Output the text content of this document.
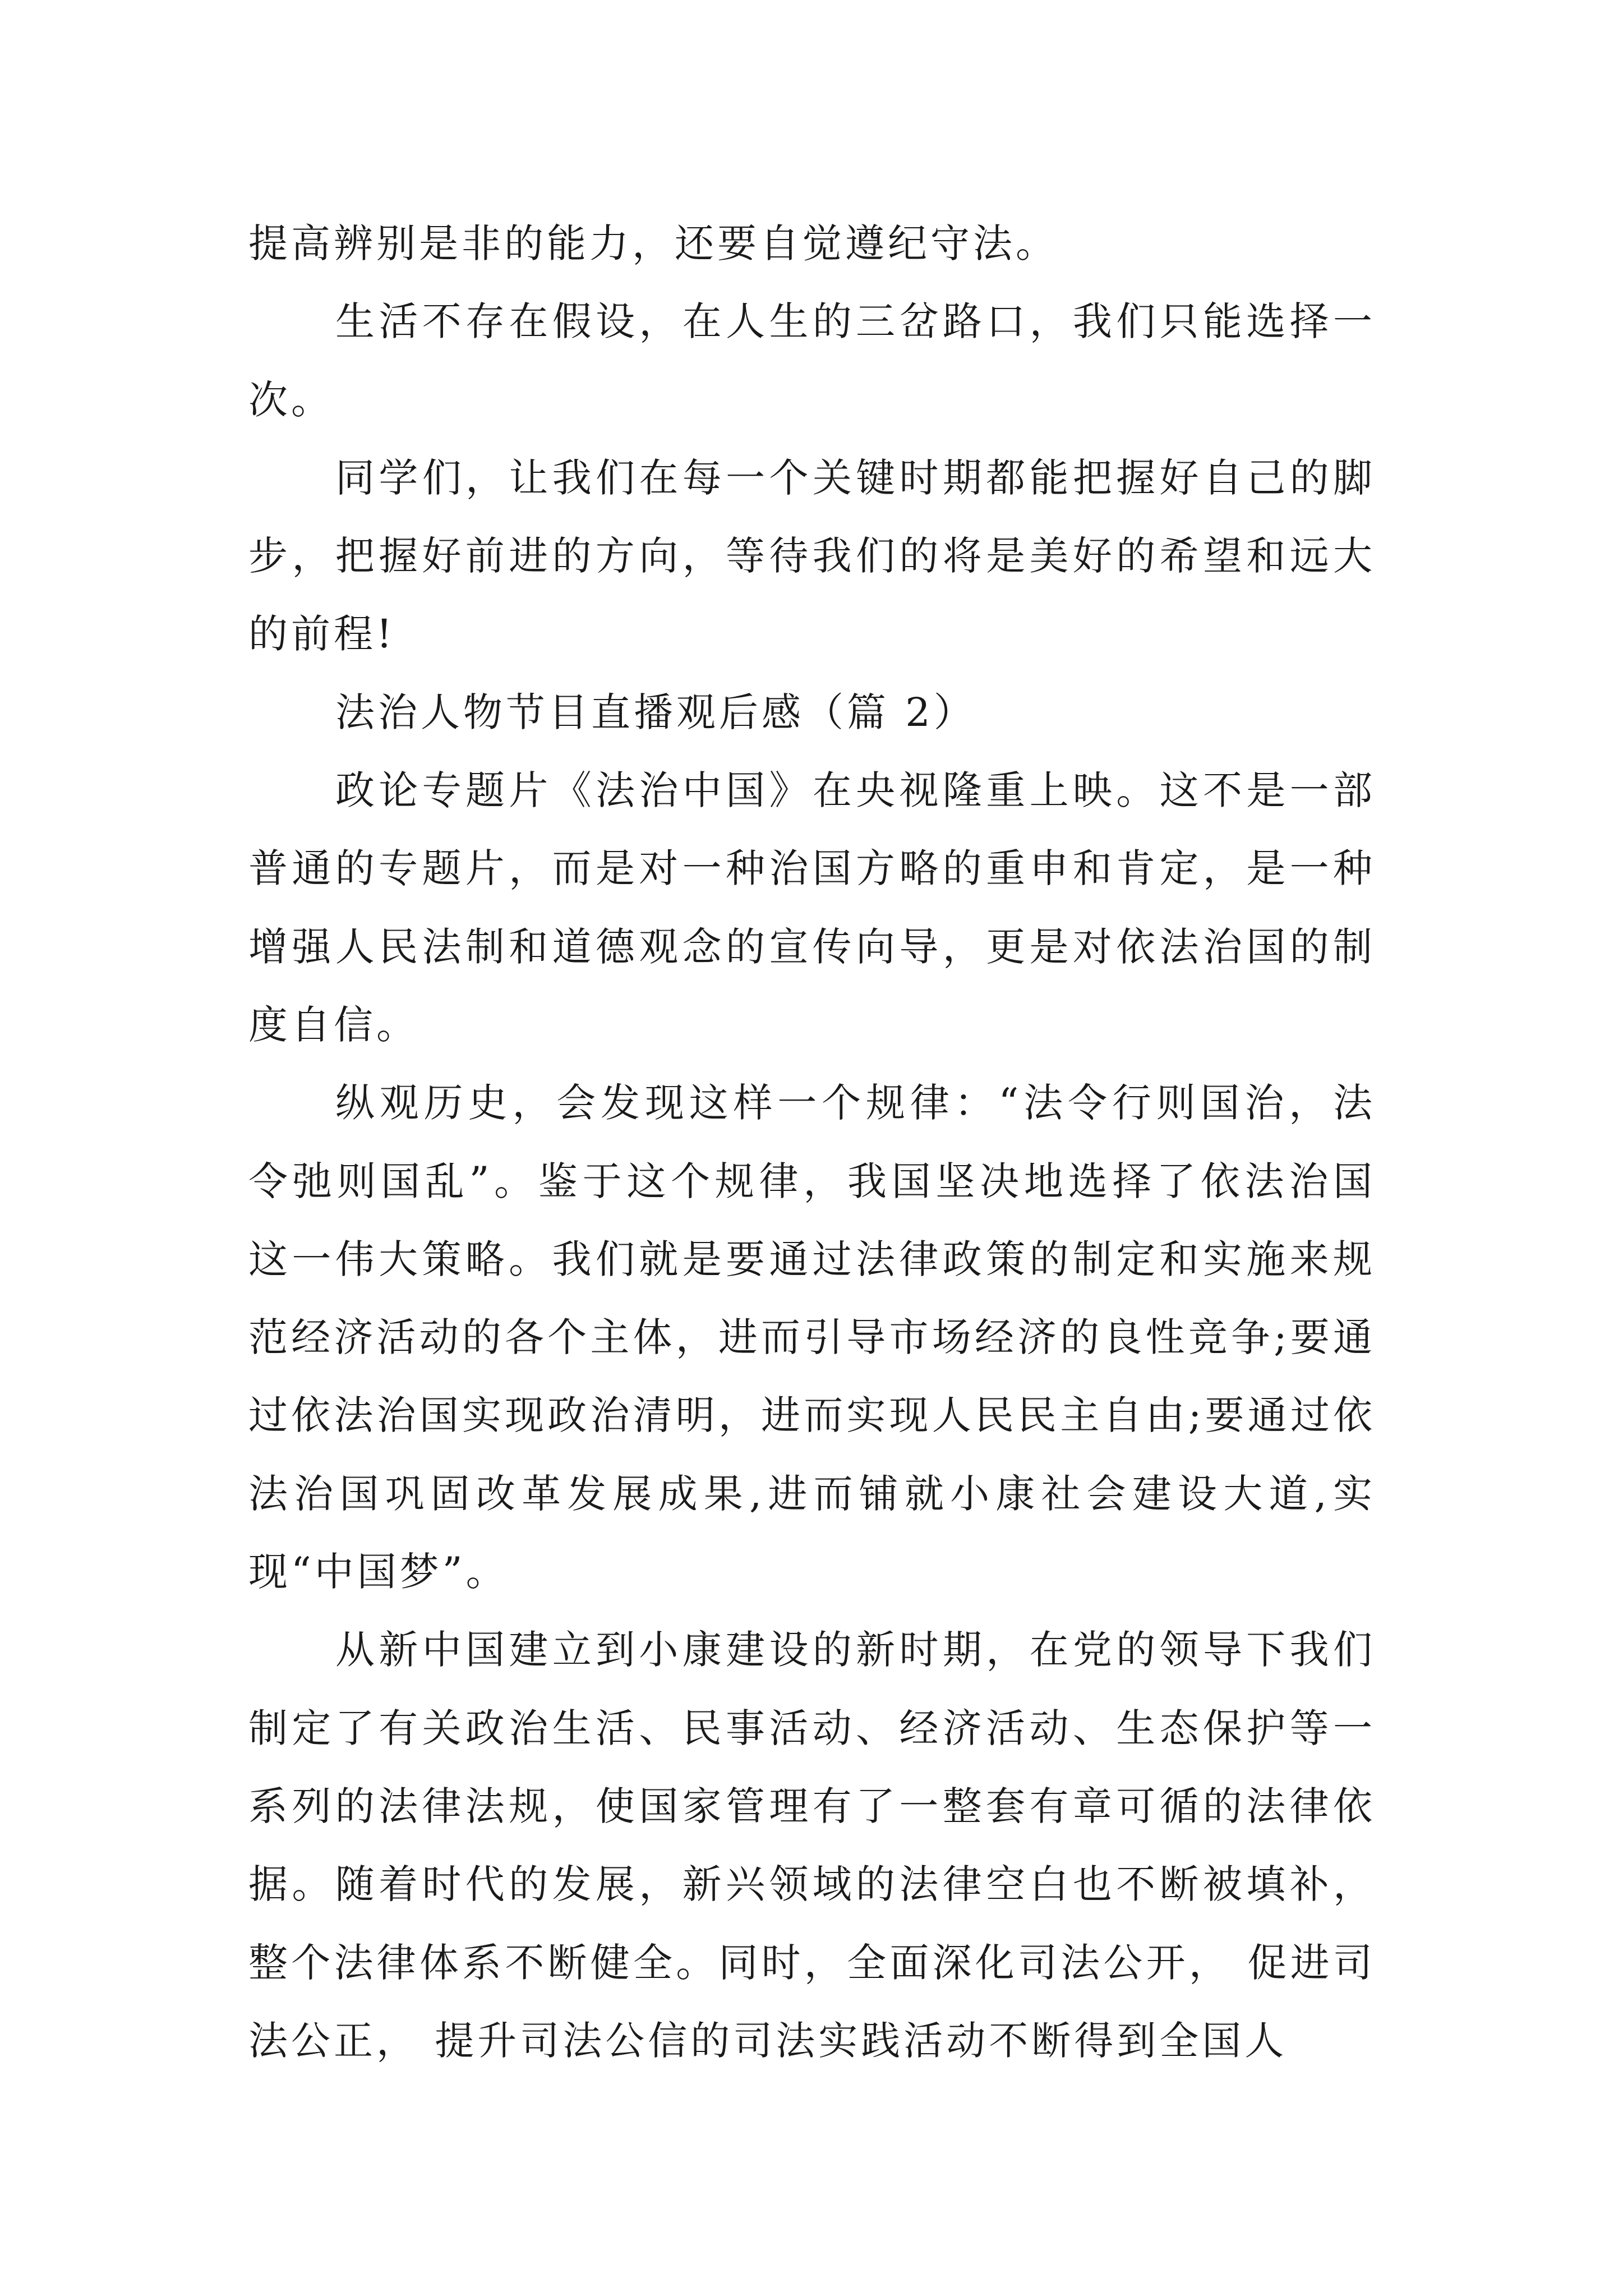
提高辨别是非的能力，还要自觉遵纪守法。

生活不存在假设，在人生的三岔路口，我们只能选择一次。

同学们，让我们在每一个关键时期都能把握好自己的脚步，把握好前进的方向，等待我们的将是美好的希望和远大的前程!

法治人物节目直播观后感（篇 2）

政论专题片《法治中国》在央视隆重上映。这不是一部普通的专题片，而是对一种治国方略的重申和肯定，是一种增强人民法制和道德观念的宣传向导，更是对依法治国的制度自信。

纵观历史，会发现这样一个规律：“法令行则国治，法令弛则国乱”。鉴于这个规律，我国坚决地选择了依法治国这一伟大策略。我们就是要通过法律政策的制定和实施来规范经济活动的各个主体，进而引导市场经济的良性竞争;要通过依法治国实现政治清明，进而实现人民民主自由;要通过依法治国巩固改革发展成果,进而铺就小康社会建设大道,实现“中国梦”。

从新中国建立到小康建设的新时期，在党的领导下我们制定了有关政治生活、民事活动、经济活动、生态保护等一系列的法律法规，使国家管理有了一整套有章可循的法律依据。随着时代的发展，新兴领域的法律空白也不断被填补，整个法律体系不断健全。同时，全面深化司法公开， 促进司法公正， 提升司法公信的司法实践活动不断得到全国人
